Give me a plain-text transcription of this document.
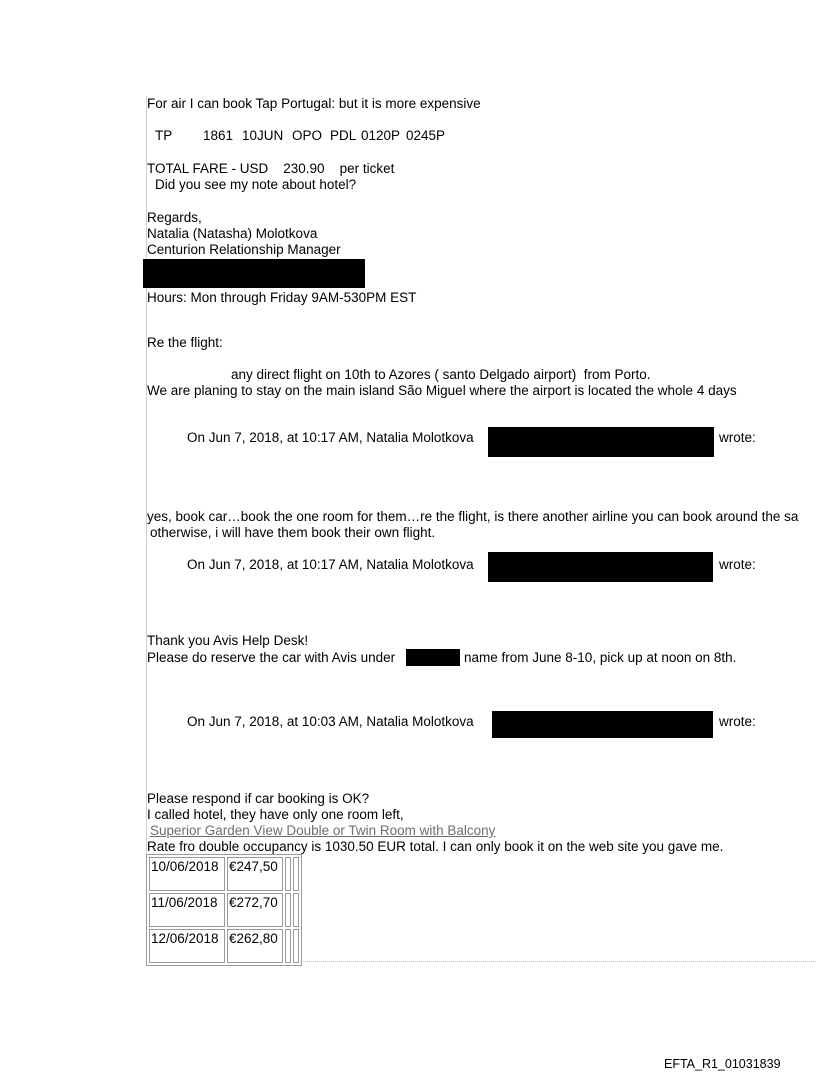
For air I can book Tap Portugal: but it is more expensive
TP 1861 10JUN OPO PDL 0120P 0245P
TOTAL FARE - USD    230.90    per ticket
Did you see my note about hotel?
Regards,
Natalia (Natasha) Molotkova
Centurion Relationship Manager
Hours: Mon through Friday 9AM-530PM EST
Re the flight:
any direct flight on 10th to Azores ( santo Delgado airport)  from Porto.
We are planing to stay on the main island São Miguel where the airport is located the whole 4 days
On Jun 7, 2018, at 10:17 AM, Natalia Molotkova	wrote:
yes, book car…book the one room for them…re the flight, is there another airline you can book around the sa
otherwise, i will have them book their own flight.
On Jun 7, 2018, at 10:17 AM, Natalia Molotkova	wrote:
Thank you Avis Help Desk!
Please do reserve the car with Avis under	name from June 8-10, pick up at noon on 8th.
On Jun 7, 2018, at 10:03 AM, Natalia Molotkova	wrote:
Please respond if car booking is OK?
I called hotel, they have only one room left,
Superior Garden View Double or Twin Room with Balcony
Rate fro double occupancy is 1030.50 EUR total. I can only book it on the web site you gave me.
10/06/2018	€247,50		
11/06/2018	€272,70		
12/06/2018	€262,80		
EFTA_R1_01031839
